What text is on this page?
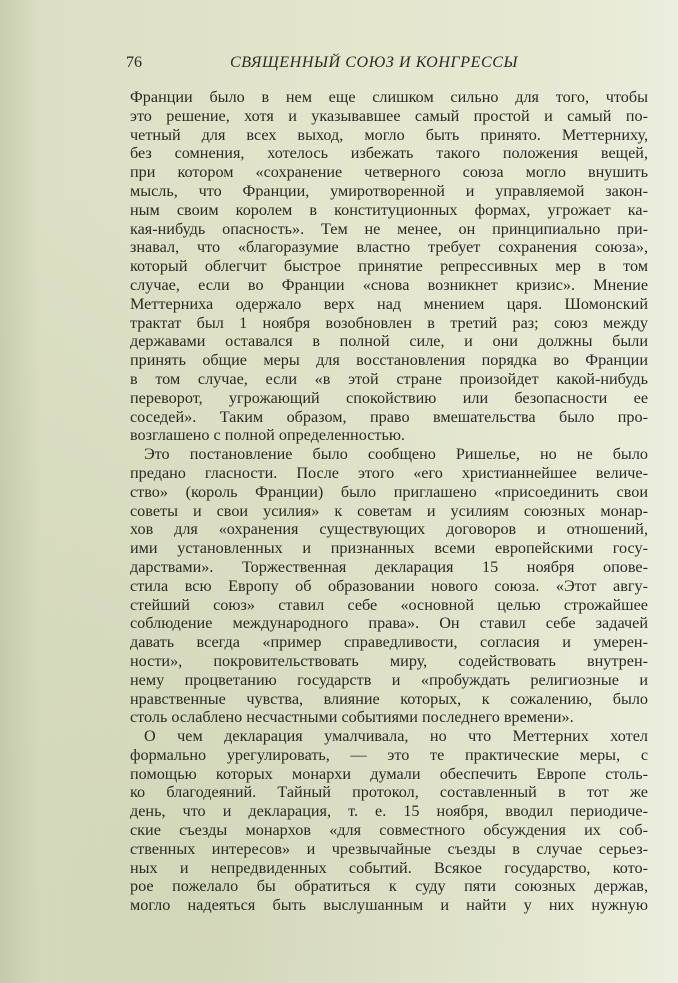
76	СВЯЩЕННЫЙ СОЮЗ И КОНГРЕССЫ
Франции было в нем еще слишком сильно для того, чтобы
это решение, хотя и указывавшее самый простой и самый по-
четный для всех выход, могло быть принято. Меттерниху,
без сомнения, хотелось избежать такого положения вещей,
при котором «сохранение четверного союза могло внушить
мысль, что Франции, умиротворенной и управляемой закон-
ным своим королем в конституционных формах, угрожает ка-
кая-нибудь опасность». Тем не менее, он принципиально при-
знавал, что «благоразумие властно требует сохранения союза»,
который облегчит быстрое принятие репрессивных мер в том
случае, если во Франции «снова возникнет кризис». Мнение
Меттерниха одержало верх над мнением царя. Шомонский
трактат был 1 ноября возобновлен в третий раз; союз между
державами оставался в полной силе, и они должны были
принять общие меры для восстановления порядка во Франции
в том случае, если «в этой стране произойдет какой-нибудь
переворот, угрожающий спокойствию или безопасности ее
соседей». Таким образом, право вмешательства было про-
возглашено с полной определенностью.
Это постановление было сообщено Ришелье, но не было
предано гласности. После этого «его христианнейшее величе-
ство» (король Франции) было приглашено «присоединить свои
советы и свои усилия» к советам и усилиям союзных монар-
хов для «охранения существующих договоров и отношений,
ими установленных и признанных всеми европейскими госу-
дарствами». Торжественная декларация 15 ноября опове-
стила всю Европу об образовании нового союза. «Этот авгу-
стейший союз» ставил себе «основной целью строжайшее
соблюдение международного права». Он ставил себе задачей
давать всегда «пример справедливости, согласия и умерен-
ности», покровительствовать миру, содействовать внутрен-
нему процветанию государств и «пробуждать религиозные и
нравственные чувства, влияние которых, к сожалению, было
столь ослаблено несчастными событиями последнего времени».
О чем декларация умалчивала, но что Меттерних хотел
формально урегулировать, — это те практические меры, с
помощью которых монархи думали обеспечить Европе столь-
ко благодеяний. Тайный протокол, составленный в тот же
день, что и декларация, т. е. 15 ноября, вводил периодиче-
ские съезды монархов «для совместного обсуждения их соб-
ственных интересов» и чрезвычайные съезды в случае серьез-
ных и непредвиденных событий. Всякое государство, кото-
рое пожелало бы обратиться к суду пяти союзных держав,
могло надеяться быть выслушанным и найти у них нужную
